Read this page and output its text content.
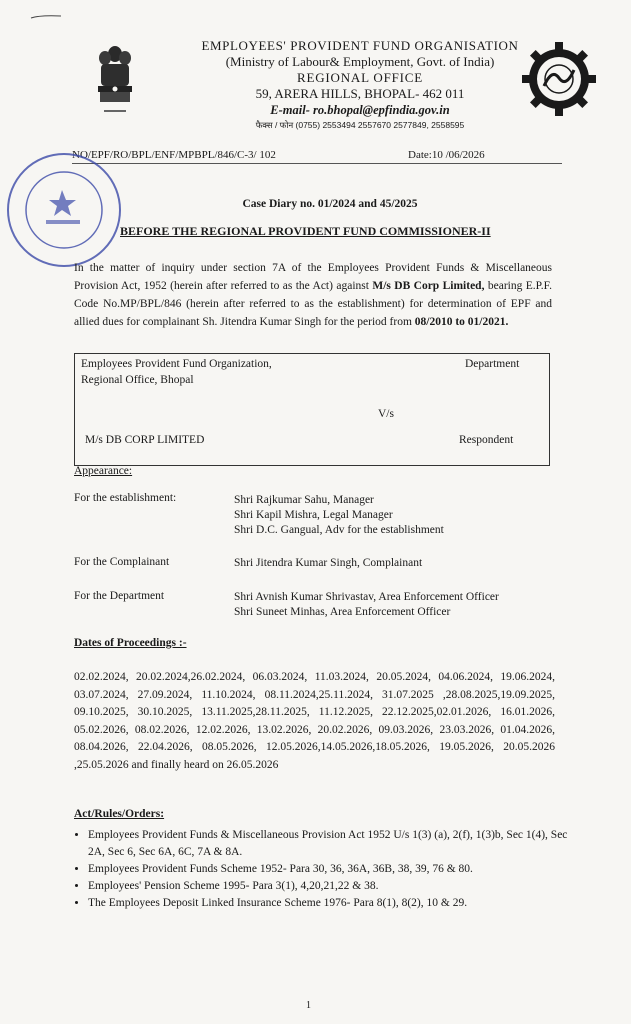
EMPLOYEES' PROVIDENT FUND ORGANISATION
(Ministry of Labour& Employment, Govt. of India)
REGIONAL OFFICE
59, ARERA HILLS, BHOPAL- 462 011
E-mail- ro.bhopal@epfindia.gov.in
फैक्स / फोन (0755) 2553494 2557670 2577849, 2558595
NO/EPF/RO/BPL/ENF/MPBPL/846/C-3/ 102	Date:10 /06/2026
Case Diary no. 01/2024 and 45/2025
BEFORE THE REGIONAL PROVIDENT FUND COMMISSIONER-II
In the matter of inquiry under section 7A of the Employees Provident Funds & Miscellaneous Provision Act, 1952 (herein after referred to as the Act) against M/s DB Corp Limited, bearing E.P.F. Code No.MP/BPL/846 (herein after referred to as the establishment) for determination of EPF and allied dues for complainant Sh. Jitendra Kumar Singh for the period from 08/2010 to 01/2021.
Employees Provident Fund Organization,
Regional Office, Bhopal
Department
V/s
M/s DB CORP LIMITED	Respondent
Appearance:
For the establishment:	Shri Rajkumar Sahu, Manager
Shri Kapil Mishra, Legal Manager
Shri D.C. Gangual, Adv for the establishment
For the Complainant	Shri Jitendra Kumar Singh, Complainant
For the Department	Shri Avnish Kumar Shrivastav, Area Enforcement Officer
Shri Suneet Minhas, Area Enforcement Officer
Dates of Proceedings :-
02.02.2024, 20.02.2024,26.02.2024, 06.03.2024, 11.03.2024, 20.05.2024, 04.06.2024, 19.06.2024, 03.07.2024, 27.09.2024, 11.10.2024, 08.11.2024,25.11.2024, 31.07.2025 ,28.08.2025,19.09.2025, 09.10.2025, 30.10.2025, 13.11.2025,28.11.2025, 11.12.2025, 22.12.2025,02.01.2026, 16.01.2026, 05.02.2026, 08.02.2026, 12.02.2026, 13.02.2026, 20.02.2026, 09.03.2026, 23.03.2026, 01.04.2026, 08.04.2026, 22.04.2026, 08.05.2026, 12.05.2026,14.05.2026,18.05.2026, 19.05.2026, 20.05.2026 ,25.05.2026 and finally heard on 26.05.2026
Act/Rules/Orders:
• Employees Provident Funds & Miscellaneous Provision Act 1952 U/s 1(3) (a), 2(f), 1(3)b, Sec 1(4), Sec 2A, Sec 6, Sec 6A, 6C, 7A & 8A.
• Employees Provident Funds Scheme 1952- Para 30, 36, 36A, 36B, 38, 39, 76 & 80.
• Employees' Pension Scheme 1995- Para 3(1), 4,20,21,22 & 38.
• The Employees Deposit Linked Insurance Scheme 1976- Para 8(1), 8(2), 10 & 29.
1
